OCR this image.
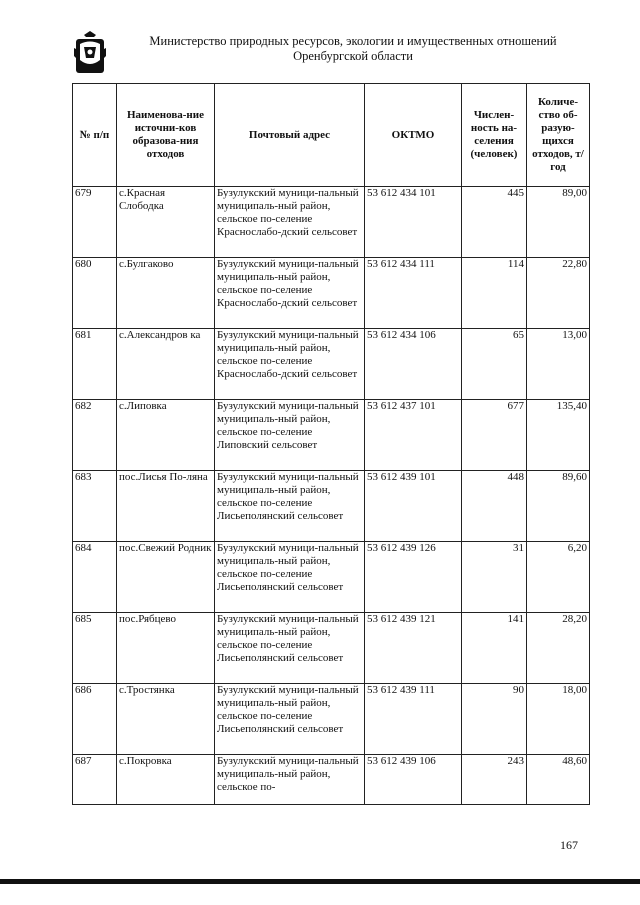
Министерство природных ресурсов, экологии и имущественных отношений
Оренбургской области
№ п/п	Наименова-ние источни-ков образова-ния отходов	Почтовый адрес	ОКТМО	Числен-ность на-селения (человек)	Количе-ство об-разую-щихся отходов, т/год
679	с.Красная Слободка	Бузулукский муници-пальный муниципаль-ный район, сельское по-селение Краснослабо-дский сельсовет	53 612 434 101	445	89,00
680	с.Булгаково	Бузулукский муници-пальный муниципаль-ный район, сельское по-селение Краснослабо-дский сельсовет	53 612 434 111	114	22,80
681	с.Александров ка	Бузулукский муници-пальный муниципаль-ный район, сельское по-селение Краснослабо-дский сельсовет	53 612 434 106	65	13,00
682	с.Липовка	Бузулукский муници-пальный муниципаль-ный район, сельское по-селение Липовский сельсовет	53 612 437 101	677	135,40
683	пос.Лисья По-ляна	Бузулукский муници-пальный муниципаль-ный район, сельское по-селение Лисьеполянский сельсовет	53 612 439 101	448	89,60
684	пос.Свежий Родник	Бузулукский муници-пальный муниципаль-ный район, сельское по-селение Лисьеполянский сельсовет	53 612 439 126	31	6,20
685	пос.Рябцево	Бузулукский муници-пальный муниципаль-ный район, сельское по-селение Лисьеполянский сельсовет	53 612 439 121	141	28,20
686	с.Тростянка	Бузулукский муници-пальный муниципаль-ный район, сельское по-селение Лисьеполянский сельсовет	53 612 439 111	90	18,00
687	с.Покровка	Бузулукский муници-пальный муниципаль-ный район, сельское по-	53 612 439 106	243	48,60
167
